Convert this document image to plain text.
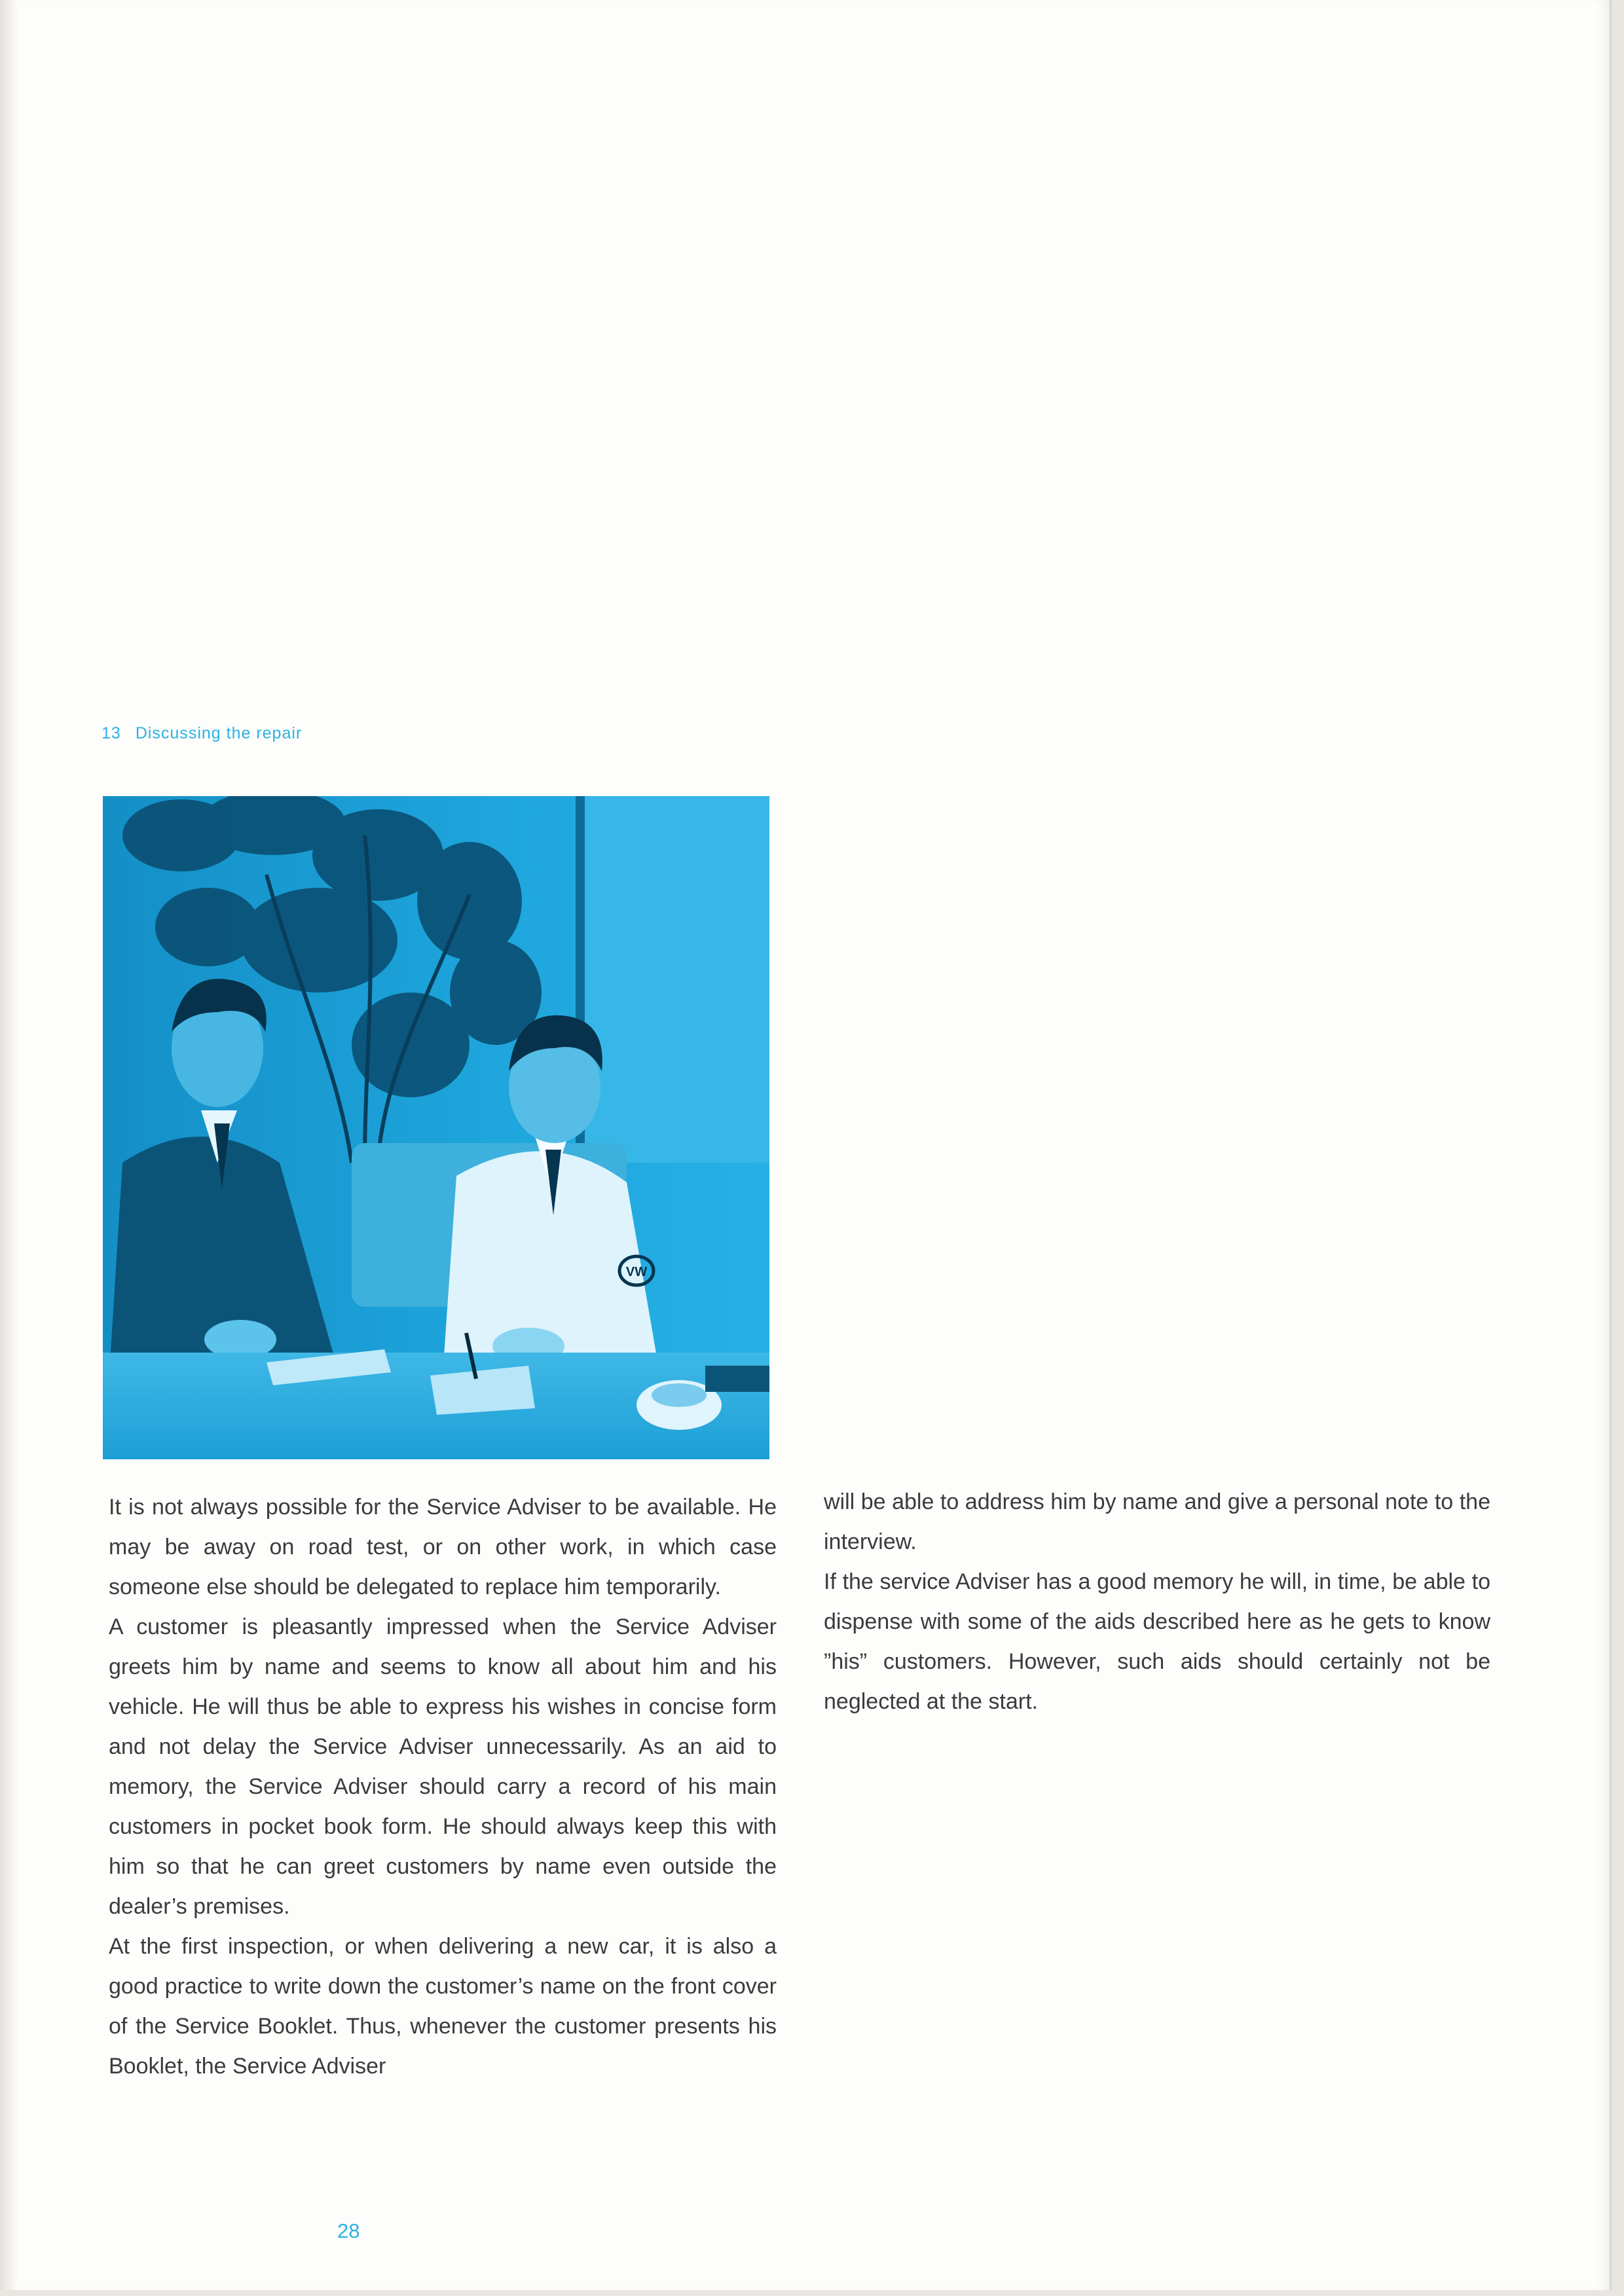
13 Discussing the repair
VW

It is not always possible for the Service Adviser to be available. He may be away on road test, or on other work, in which case someone else should be delegated to replace him temporarily.

A customer is pleasantly impressed when the Service Adviser greets him by name and seems to know all about him and his vehicle. He will thus be able to express his wishes in concise form and not delay the Service Adviser unnecessarily. As an aid to memory, the Service Adviser should carry a record of his main customers in pocket book form. He should always keep this with him so that he can greet customers by name even outside the dealer’s premises.

At the first inspection, or when delivering a new car, it is also a good practice to write down the customer’s name on the front cover of the Service Booklet. Thus, whenever the customer presents his Booklet, the Service Adviser

will be able to address him by name and give a personal note to the interview.

If the service Adviser has a good memory he will, in time, be able to dispense with some of the aids described here as he gets to know ”his” customers. However, such aids should certainly not be neglected at the start.

28
